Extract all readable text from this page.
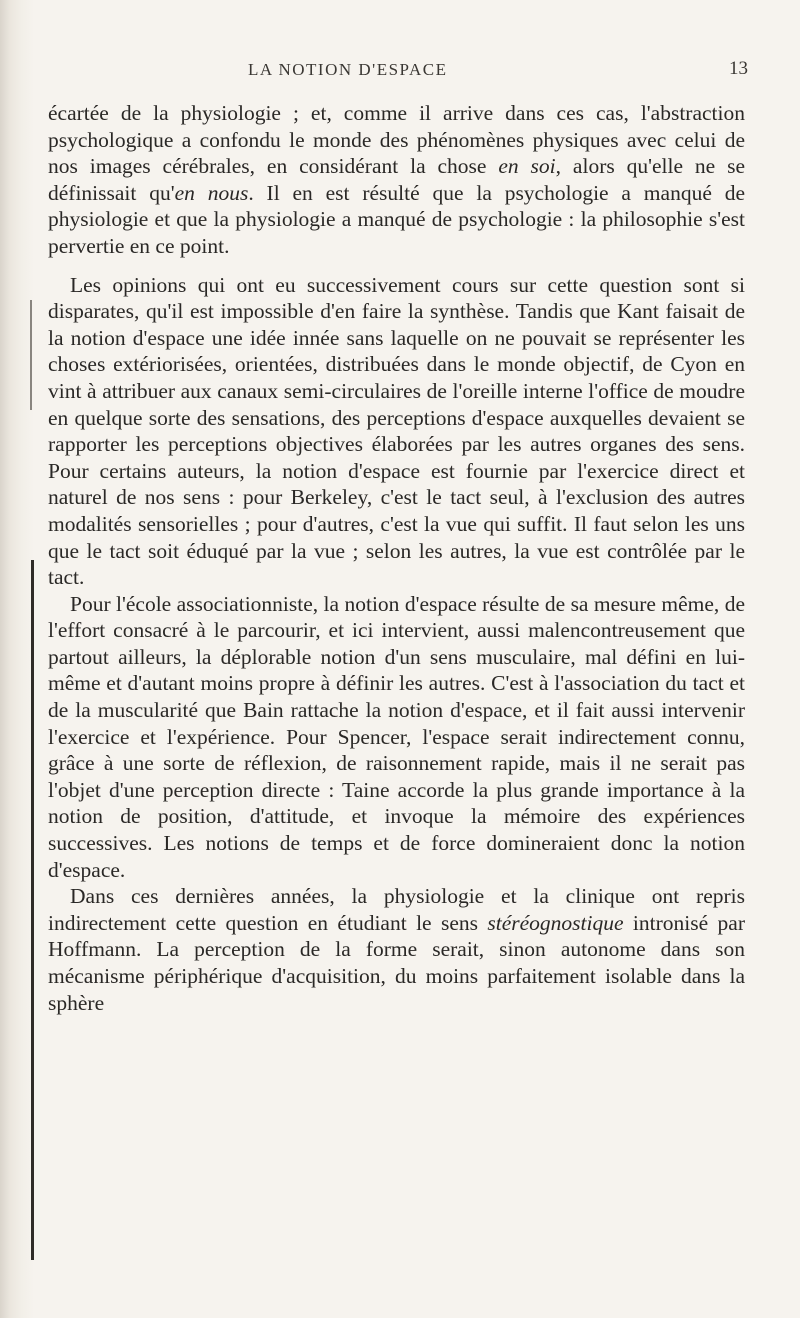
LA NOTION D'ESPACE	13

écartée de la physiologie ; et, comme il arrive dans ces cas, l'abstraction psychologique a confondu le monde des phénomènes physiques avec celui de nos images cérébrales, en considérant la chose en soi, alors qu'elle ne se définissait qu'en nous. Il en est résulté que la psychologie a manqué de physiologie et que la physiologie a manqué de psychologie : la philosophie s'est pervertie en ce point.

Les opinions qui ont eu successivement cours sur cette question sont si disparates, qu'il est impossible d'en faire la synthèse. Tandis que Kant faisait de la notion d'espace une idée innée sans laquelle on ne pouvait se représenter les choses extériorisées, orientées, distribuées dans le monde objectif, de Cyon en vint à attribuer aux canaux semi-circulaires de l'oreille interne l'office de moudre en quelque sorte des sensations, des perceptions d'espace auxquelles devaient se rapporter les perceptions objectives élaborées par les autres organes des sens. Pour certains auteurs, la notion d'espace est fournie par l'exercice direct et naturel de nos sens : pour Berkeley, c'est le tact seul, à l'exclusion des autres modalités sensorielles ; pour d'autres, c'est la vue qui suffit. Il faut selon les uns que le tact soit éduqué par la vue ; selon les autres, la vue est contrôlée par le tact.

Pour l'école associationniste, la notion d'espace résulte de sa mesure même, de l'effort consacré à le parcourir, et ici intervient, aussi malencontreusement que partout ailleurs, la déplorable notion d'un sens musculaire, mal défini en lui-même et d'autant moins propre à définir les autres. C'est à l'association du tact et de la muscularité que Bain rattache la notion d'espace, et il fait aussi intervenir l'exercice et l'expérience. Pour Spencer, l'espace serait indirectement connu, grâce à une sorte de réflexion, de raisonnement rapide, mais il ne serait pas l'objet d'une perception directe : Taine accorde la plus grande importance à la notion de position, d'attitude, et invoque la mémoire des expériences successives. Les notions de temps et de force domineraient donc la notion d'espace.

Dans ces dernières années, la physiologie et la clinique ont repris indirectement cette question en étudiant le sens stéréognostique intronisé par Hoffmann. La perception de la forme serait, sinon autonome dans son mécanisme périphérique d'acquisition, du moins parfaitement isolable dans la sphère
